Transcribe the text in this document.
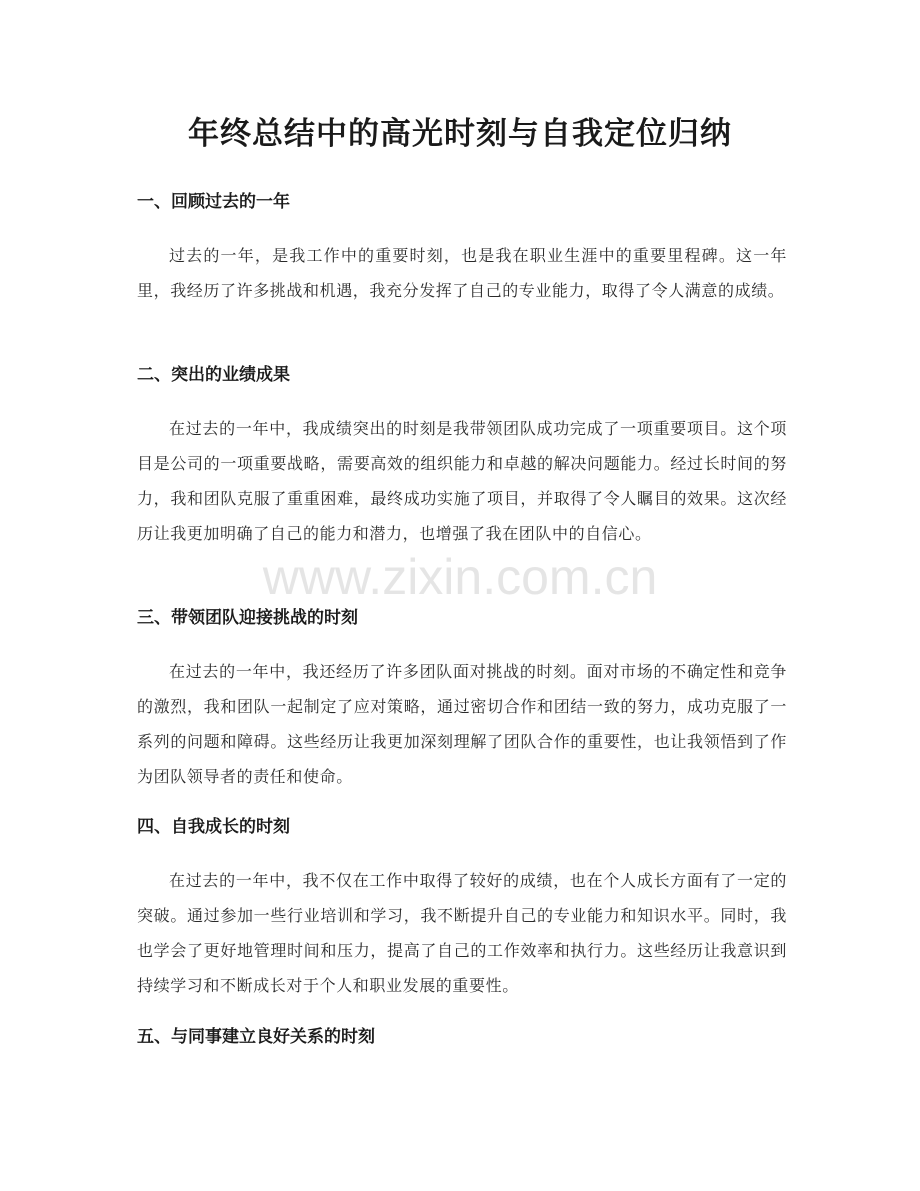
年终总结中的高光时刻与自我定位归纳
一、回顾过去的一年

过去的一年，是我工作中的重要时刻，也是我在职业生涯中的重要里程碑。这一年里，我经历了许多挑战和机遇，我充分发挥了自己的专业能力，取得了令人满意的成绩。

二、突出的业绩成果

在过去的一年中，我成绩突出的时刻是我带领团队成功完成了一项重要项目。这个项目是公司的一项重要战略，需要高效的组织能力和卓越的解决问题能力。经过长时间的努力，我和团队克服了重重困难，最终成功实施了项目，并取得了令人瞩目的效果。这次经历让我更加明确了自己的能力和潜力，也增强了我在团队中的自信心。

三、带领团队迎接挑战的时刻

在过去的一年中，我还经历了许多团队面对挑战的时刻。面对市场的不确定性和竞争的激烈，我和团队一起制定了应对策略，通过密切合作和团结一致的努力，成功克服了一系列的问题和障碍。这些经历让我更加深刻理解了团队合作的重要性，也让我领悟到了作为团队领导者的责任和使命。

四、自我成长的时刻

在过去的一年中，我不仅在工作中取得了较好的成绩，也在个人成长方面有了一定的突破。通过参加一些行业培训和学习，我不断提升自己的专业能力和知识水平。同时，我也学会了更好地管理时间和压力，提高了自己的工作效率和执行力。这些经历让我意识到持续学习和不断成长对于个人和职业发展的重要性。

五、与同事建立良好关系的时刻
www.zixin.com.cn
